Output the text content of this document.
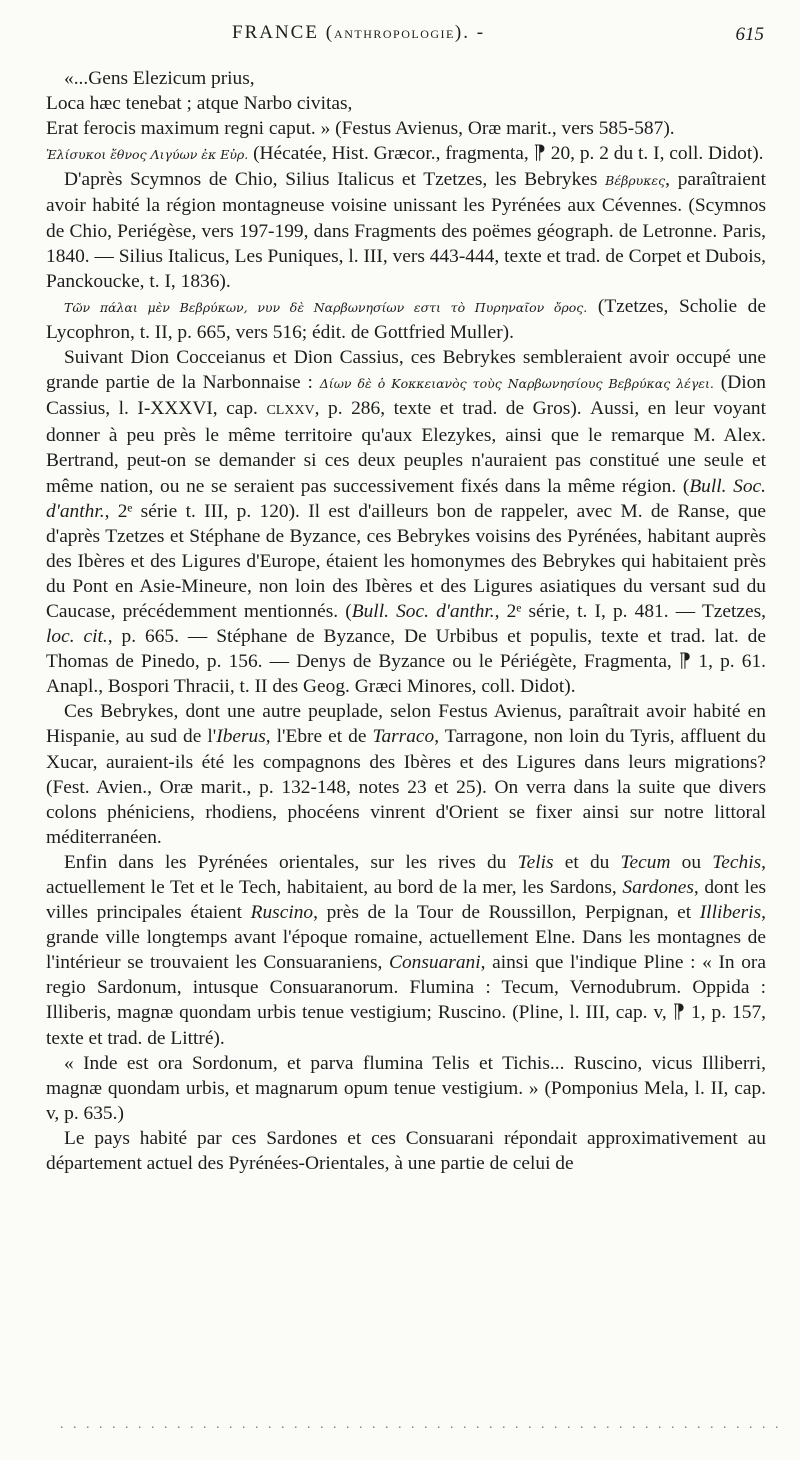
FRANCE (ANTHROPOLOGIE). -	615

«...Gens Elezicum prius,
Loca hæc tenebat ; atque Narbo civitas,
Erat ferocis maximum regni caput. » (Festus Avienus, Oræ marit., vers 585-587).

Ἐλίσυκοι ἔθνος Λιγύων ἐκ Εὐρ. (Hécatée, Hist. Græcor., fragmenta, ⁋ 20, p. 2 du t. I, coll. Didot).

D'après Scymnos de Chio, Silius Italicus et Tzetzes, les Bebrykes Βέβρυκες, paraîtraient avoir habité la région montagneuse voisine unissant les Pyrénées aux Cévennes. (Scymnos de Chio, Periégèse, vers 197-199, dans Fragments des poëmes géograph. de Letronne. Paris, 1840. — Silius Italicus, Les Puniques, l. III, vers 443-444, texte et trad. de Corpet et Dubois, Panckoucke, t. I, 1836).

Τῶν πάλαι μὲν Βεβρύκων, νυν δὲ Ναρβωνησίων εστι τὸ Πυρηναῖον ὄρος. (Tzetzes, Scholie de Lycophron, t. II, p. 665, vers 516; édit. de Gottfried Muller).

Suivant Dion Cocceianus et Dion Cassius, ces Bebrykes sembleraient avoir occupé une grande partie de la Narbonnaise : Δίων δὲ ὁ Κοκκειανὸς τοὺς Ναρβωνησίους Βεβρύκας λέγει. (Dion Cassius, l. I-XXXVI, cap. CLXXV, p. 286, texte et trad. de Gros). Aussi, en leur voyant donner à peu près le même territoire qu'aux Elezykes, ainsi que le remarque M. Alex. Bertrand, peut-on se demander si ces deux peuples n'auraient pas constitué une seule et même nation, ou ne se seraient pas successivement fixés dans la même région. (Bull. Soc. d'anthr., 2ᵉ série t. III, p. 120). Il est d'ailleurs bon de rappeler, avec M. de Ranse, que d'après Tzetzes et Stéphane de Byzance, ces Bebrykes voisins des Pyrénées, habitant auprès des Ibères et des Ligures d'Europe, étaient les homonymes des Bebrykes qui habitaient près du Pont en Asie-Mineure, non loin des Ibères et des Ligures asiatiques du versant sud du Caucase, précédemment mentionnés. (Bull. Soc. d'anthr., 2ᵉ série, t. I, p. 481. — Tzetzes, loc. cit., p. 665. — Stéphane de Byzance, De Urbibus et populis, texte et trad. lat. de Thomas de Pinedo, p. 156. — Denys de Byzance ou le Périégète, Fragmenta, ⁋ 1, p. 61. Anapl., Bospori Thracii, t. II des Geog. Græci Minores, coll. Didot).

Ces Bebrykes, dont une autre peuplade, selon Festus Avienus, paraîtrait avoir habité en Hispanie, au sud de l'Iberus, l'Ebre et de Tarraco, Tarragone, non loin du Tyris, affluent du Xucar, auraient-ils été les compagnons des Ibères et des Ligures dans leurs migrations? (Fest. Avien., Oræ marit., p. 132-148, notes 23 et 25). On verra dans la suite que divers colons phéniciens, rhodiens, phocéens vinrent d'Orient se fixer ainsi sur notre littoral méditerranéen.

Enfin dans les Pyrénées orientales, sur les rives du Telis et du Tecum ou Techis, actuellement le Tet et le Tech, habitaient, au bord de la mer, les Sardons, Sardones, dont les villes principales étaient Ruscino, près de la Tour de Roussillon, Perpignan, et Illiberis, grande ville longtemps avant l'époque romaine, actuellement Elne. Dans les montagnes de l'intérieur se trouvaient les Consuaraniens, Consuarani, ainsi que l'indique Pline : « In ora regio Sardonum, intusque Consuaranorum. Flumina : Tecum, Vernodubrum. Oppida : Illiberis, magnæ quondam urbis tenue vestigium; Ruscino. (Pline, l. III, cap. v, ⁋ 1, p. 157, texte et trad. de Littré).

« Inde est ora Sordonum, et parva flumina Telis et Tichis... Ruscino, vicus Illiberri, magnæ quondam urbis, et magnarum opum tenue vestigium. » (Pomponius Mela, l. II, cap. v, p. 635.)

Le pays habité par ces Sardones et ces Consuarani répondait approximativement au département actuel des Pyrénées-Orientales, à une partie de celui de

. . . . . . . . . . . . . . . . . . . . . . . . . . . . . . . . . . . . . . . . . . . . . . . . . . . . . . . .
